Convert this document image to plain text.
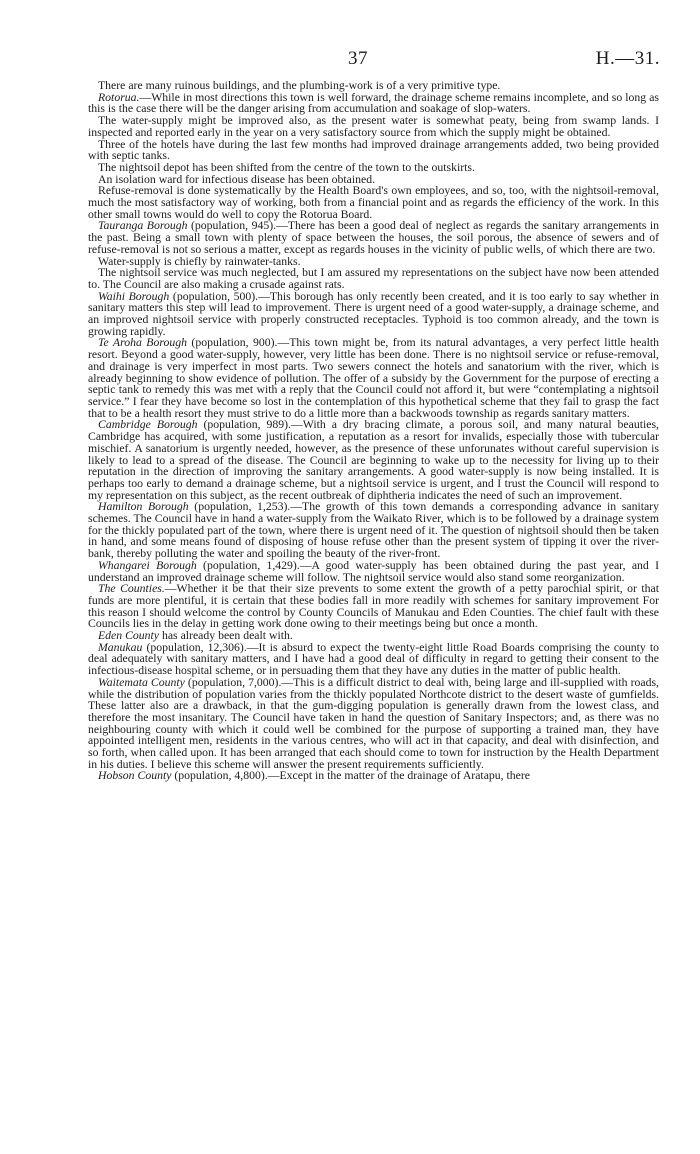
37	H.—31.

There are many ruinous buildings, and the plumbing-work is of a very primitive type.

Rotorua.—While in most directions this town is well forward, the drainage scheme remains incomplete, and so long as this is the case there will be the danger arising from accumulation and soakage of slop-waters.

The water-supply might be improved also, as the present water is somewhat peaty, being from swamp lands. I inspected and reported early in the year on a very satisfactory source from which the supply might be obtained.

Three of the hotels have during the last few months had improved drainage arrangements added, two being provided with septic tanks.

The nightsoil depot has been shifted from the centre of the town to the outskirts.

An isolation ward for infectious disease has been obtained.

Refuse-removal is done systematically by the Health Board's own employees, and so, too, with the nightsoil-removal, much the most satisfactory way of working, both from a financial point and as regards the efficiency of the work. In this other small towns would do well to copy the Rotorua Board.

Tauranga Borough (population, 945).—There has been a good deal of neglect as regards the sanitary arrangements in the past. Being a small town with plenty of space between the houses, the soil porous, the absence of sewers and of refuse-removal is not so serious a matter, except as regards houses in the vicinity of public wells, of which there are two.

Water-supply is chiefly by rainwater-tanks.

The nightsoil service was much neglected, but I am assured my representations on the subject have now been attended to. The Council are also making a crusade against rats.

Waihi Borough (population, 500).—This borough has only recently been created, and it is too early to say whether in sanitary matters this step will lead to improvement. There is urgent need of a good water-supply, a drainage scheme, and an improved nightsoil service with properly constructed receptacles. Typhoid is too common already, and the town is growing rapidly.

Te Aroha Borough (population, 900).—This town might be, from its natural advantages, a very perfect little health resort. Beyond a good water-supply, however, very little has been done. There is no nightsoil service or refuse-removal, and drainage is very imperfect in most parts. Two sewers connect the hotels and sanatorium with the river, which is already beginning to show evidence of pollution. The offer of a subsidy by the Government for the purpose of erecting a septic tank to remedy this was met with a reply that the Council could not afford it, but were “contemplating a nightsoil service.” I fear they have become so lost in the contemplation of this hypothetical scheme that they fail to grasp the fact that to be a health resort they must strive to do a little more than a backwoods township as regards sanitary matters.

Cambridge Borough (population, 989).—With a dry bracing climate, a porous soil, and many natural beauties, Cambridge has acquired, with some justification, a reputation as a resort for invalids, especially those with tubercular mischief. A sanatorium is urgently needed, however, as the presence of these unforunates without careful supervision is likely to lead to a spread of the disease. The Council are beginning to wake up to the necessity for living up to their reputation in the direction of improving the sanitary arrangements. A good water-supply is now being installed. It is perhaps too early to demand a drainage scheme, but a nightsoil service is urgent, and I trust the Council will respond to my representation on this subject, as the recent outbreak of diphtheria indicates the need of such an improvement.

Hamilton Borough (population, 1,253).—The growth of this town demands a corresponding advance in sanitary schemes. The Council have in hand a water-supply from the Waikato River, which is to be followed by a drainage system for the thickly populated part of the town, where there is urgent need of it. The question of nightsoil should then be taken in hand, and some means found of disposing of house refuse other than the present system of tipping it over the river-bank, thereby polluting the water and spoiling the beauty of the river-front.

Whangarei Borough (population, 1,429).—A good water-supply has been obtained during the past year, and I understand an improved drainage scheme will follow. The nightsoil service would also stand some reorganization.

The Counties.—Whether it be that their size prevents to some extent the growth of a petty parochial spirit, or that funds are more plentiful, it is certain that these bodies fall in more readily with schemes for sanitary improvement For this reason I should welcome the control by County Councils of Manukau and Eden Counties. The chief fault with these Councils lies in the delay in getting work done owing to their meetings being but once a month.

Eden County has already been dealt with.

Manukau (population, 12,306).—It is absurd to expect the twenty-eight little Road Boards comprising the county to deal adequately with sanitary matters, and I have had a good deal of difficulty in regard to getting their consent to the infectious-disease hospital scheme, or in persuading them that they have any duties in the matter of public health.

Waitemata County (population, 7,000).—This is a difficult district to deal with, being large and ill-supplied with roads, while the distribution of population varies from the thickly populated Northcote district to the desert waste of gumfields. These latter also are a drawback, in that the gum-digging population is generally drawn from the lowest class, and therefore the most insanitary. The Council have taken in hand the question of Sanitary Inspectors; and, as there was no neighbouring county with which it could well be combined for the purpose of supporting a trained man, they have appointed intelligent men, residents in the various centres, who will act in that capacity, and deal with disinfection, and so forth, when called upon. It has been arranged that each should come to town for instruction by the Health Department in his duties. I believe this scheme will answer the present requirements sufficiently.

Hobson County (population, 4,800).—Except in the matter of the drainage of Aratapu, there
